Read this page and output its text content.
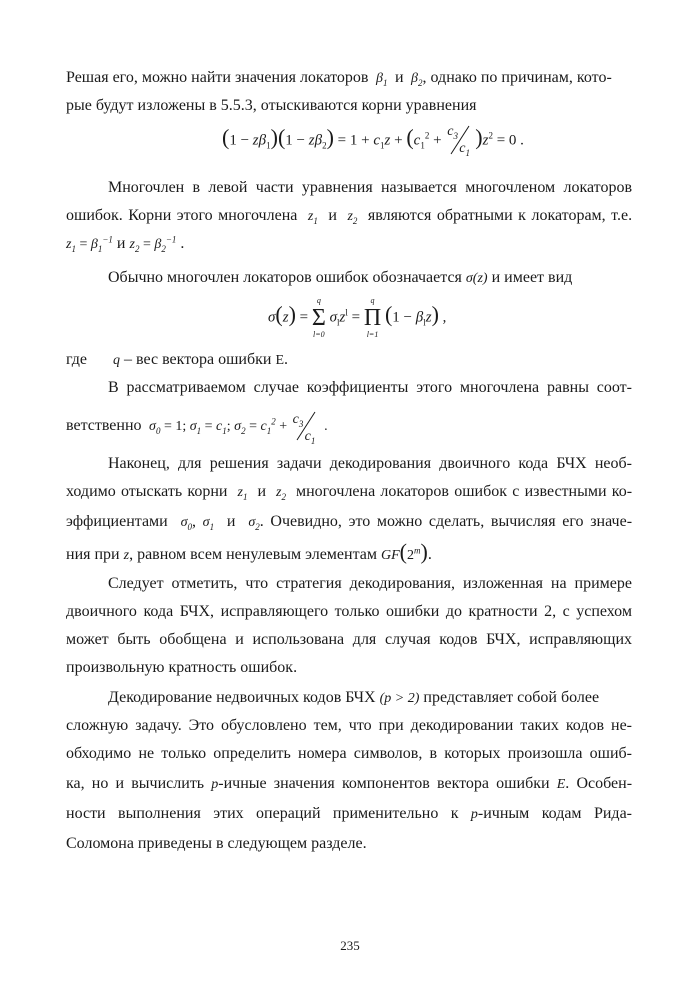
Решая его, можно найти значения локаторов  $\beta_1$ и  $\beta_2$, однако по причинам, кото-
рые будут изложены в 5.5.3, отыскиваются корни уравнения
$(1 - z\beta_1)(1 - z\beta_2) = 1 + c_1z + (c_1^2$ +
$c_3$
$c_1$
)$z^2 = 0$ .
Многочлен в левой части уравнения называется многочленом локаторов
ошибок. Корни этого многочлена  $z_1$ и  $z_2$ являются обратными к локаторам, т.е.
$z_1 = \beta_1^{-1}$ и $z_2 = \beta_2^{-1}$ .
Обычно многочлен локаторов ошибок обозначается σ(z) и имеет вид
σ(z) =
q
Σ
l=0
$\sigma_lz^l$ =
q
Π
l=1
$(1 - \beta_lz)$ ,
где q – вес вектора ошибки E.
В рассматриваемом случае коэффициенты этого многочлена равны соот-
ветственно  $\sigma_0 = 1$; $\sigma_1 = c_1$; $\sigma_2 = c_1^2 + c_3$
$c_1$
.
Наконец, для решения задачи декодирования двоичного кода БЧХ необ-
ходимо отыскать корни  $z_1$ и  $z_2$ многочлена локаторов ошибок с известными ко-
эффициентами  $\sigma_0$, $\sigma_1$ и  $\sigma_2$. Очевидно, это можно сделать, вычисляя его значе-
ния при z, равном всем ненулевым элементам GF(2$^m$).
Следует отметить, что стратегия декодирования, изложенная на примере
двоичного кода БЧХ, исправляющего только ошибки до кратности 2, с успехом
может быть обобщена и использована для случая кодов БЧХ, исправляющих
произвольную кратность ошибок.
Декодирование недвоичных кодов БЧХ (p > 2) представляет собой более
сложную задачу. Это обусловлено тем, что при декодировании таких кодов не-
обходимо не только определить номера символов, в которых произошла ошиб-
ка, но и вычислить p-ичные значения компонентов вектора ошибки E. Особен-
ности выполнения этих операций применительно к p-ичным кодам Рида-
Соломона приведены в следующем разделе.
235
